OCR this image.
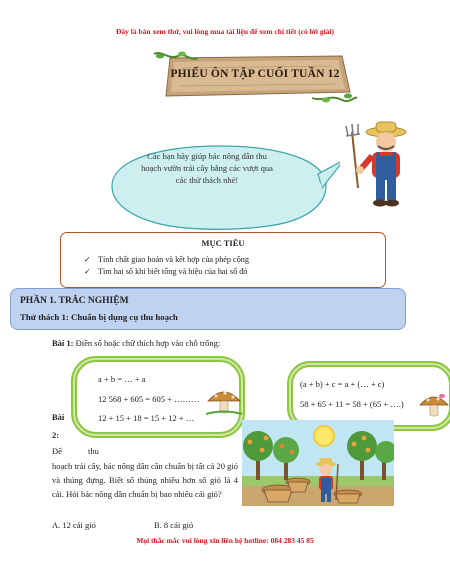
Đây là bản xem thử, vui lòng mua tài liệu để xem chi tiết (có lời giải)
PHIẾU ÔN TẬP CUỐI TUẦN 12
Các bạn hãy giúp bác nông dân thu hoạch vườn trái cây bằng các vượt qua các thử thách nhé!
MỤC TIÊU
✓ Tính chất giao hoán và kết hợp của phép cộng
✓ Tìm hai số khi biết tổng và hiệu của hai số đó
PHẦN 1. TRẮC NGHIỆM
Thử thách 1: Chuẩn bị dụng cụ thu hoạch
Bài 1: Điền số hoặc chữ thích hợp vào chỗ trống:
a + b = … + a
12 568 + 605 = 605 + ………
12 + 15 + 18 = 15 + 12 + …
(a + b) + c = a + (… + c)
58 + 65 + 11 = 58 + (65 + ….)
Bài
2:
Để	thu
hoạch trái cây, bác nông dân cần chuẩn bị tất cả 20 giỏ và thúng đựng. Biết số thúng nhiều hơn số giỏ là 4 cái. Hỏi bác nông dân chuẩn bị bao nhiêu cái giỏ?
A. 12 cái giỏ	B. 8 cái giỏ
Mọi thắc mắc vui lòng xin liên hệ hotline: 084 283 45 85
